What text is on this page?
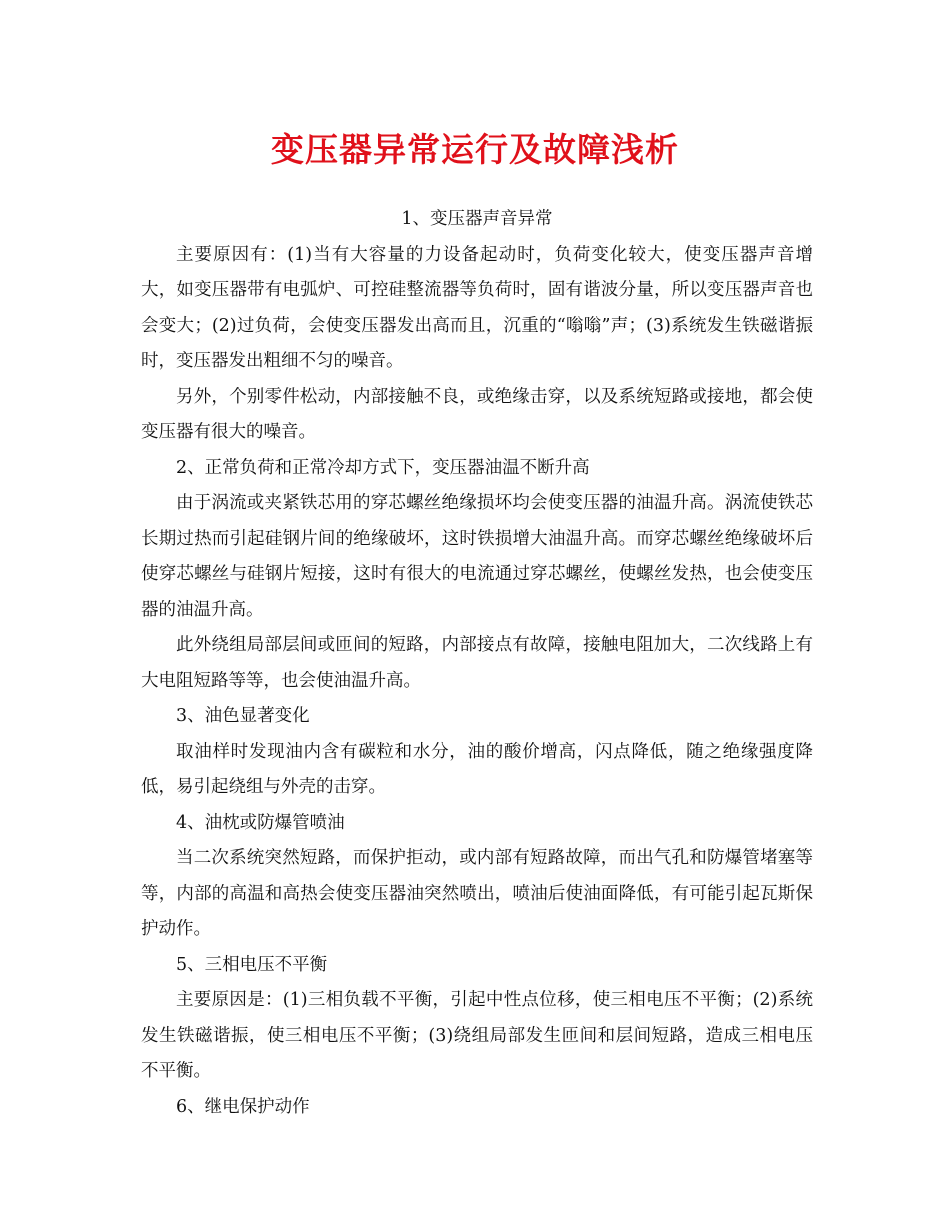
变压器异常运行及故障浅析

1、变压器声音异常

主要原因有：(1)当有大容量的力设备起动时，负荷变化较大，使变压器声音增大，如变压器带有电弧炉、可控硅整流器等负荷时，固有谐波分量，所以变压器声音也会变大；(2)过负荷，会使变压器发出高而且，沉重的“嗡嗡”声；(3)系统发生铁磁谐振时，变压器发出粗细不匀的噪音。

另外，个别零件松动，内部接触不良，或绝缘击穿，以及系统短路或接地，都会使变压器有很大的噪音。

2、正常负荷和正常冷却方式下，变压器油温不断升高

由于涡流或夹紧铁芯用的穿芯螺丝绝缘损坏均会使变压器的油温升高。涡流使铁芯长期过热而引起硅钢片间的绝缘破坏，这时铁损增大油温升高。而穿芯螺丝绝缘破坏后使穿芯螺丝与硅钢片短接，这时有很大的电流通过穿芯螺丝，使螺丝发热，也会使变压器的油温升高。

此外绕组局部层间或匝间的短路，内部接点有故障，接触电阻加大，二次线路上有大电阻短路等等，也会使油温升高。

3、油色显著变化

取油样时发现油内含有碳粒和水分，油的酸价增高，闪点降低，随之绝缘强度降低，易引起绕组与外壳的击穿。

4、油枕或防爆管喷油

当二次系统突然短路，而保护拒动，或内部有短路故障，而出气孔和防爆管堵塞等等，内部的高温和高热会使变压器油突然喷出，喷油后使油面降低，有可能引起瓦斯保护动作。

5、三相电压不平衡

主要原因是：(1)三相负载不平衡，引起中性点位移，使三相电压不平衡；(2)系统发生铁磁谐振，使三相电压不平衡；(3)绕组局部发生匝间和层间短路，造成三相电压不平衡。

6、继电保护动作
